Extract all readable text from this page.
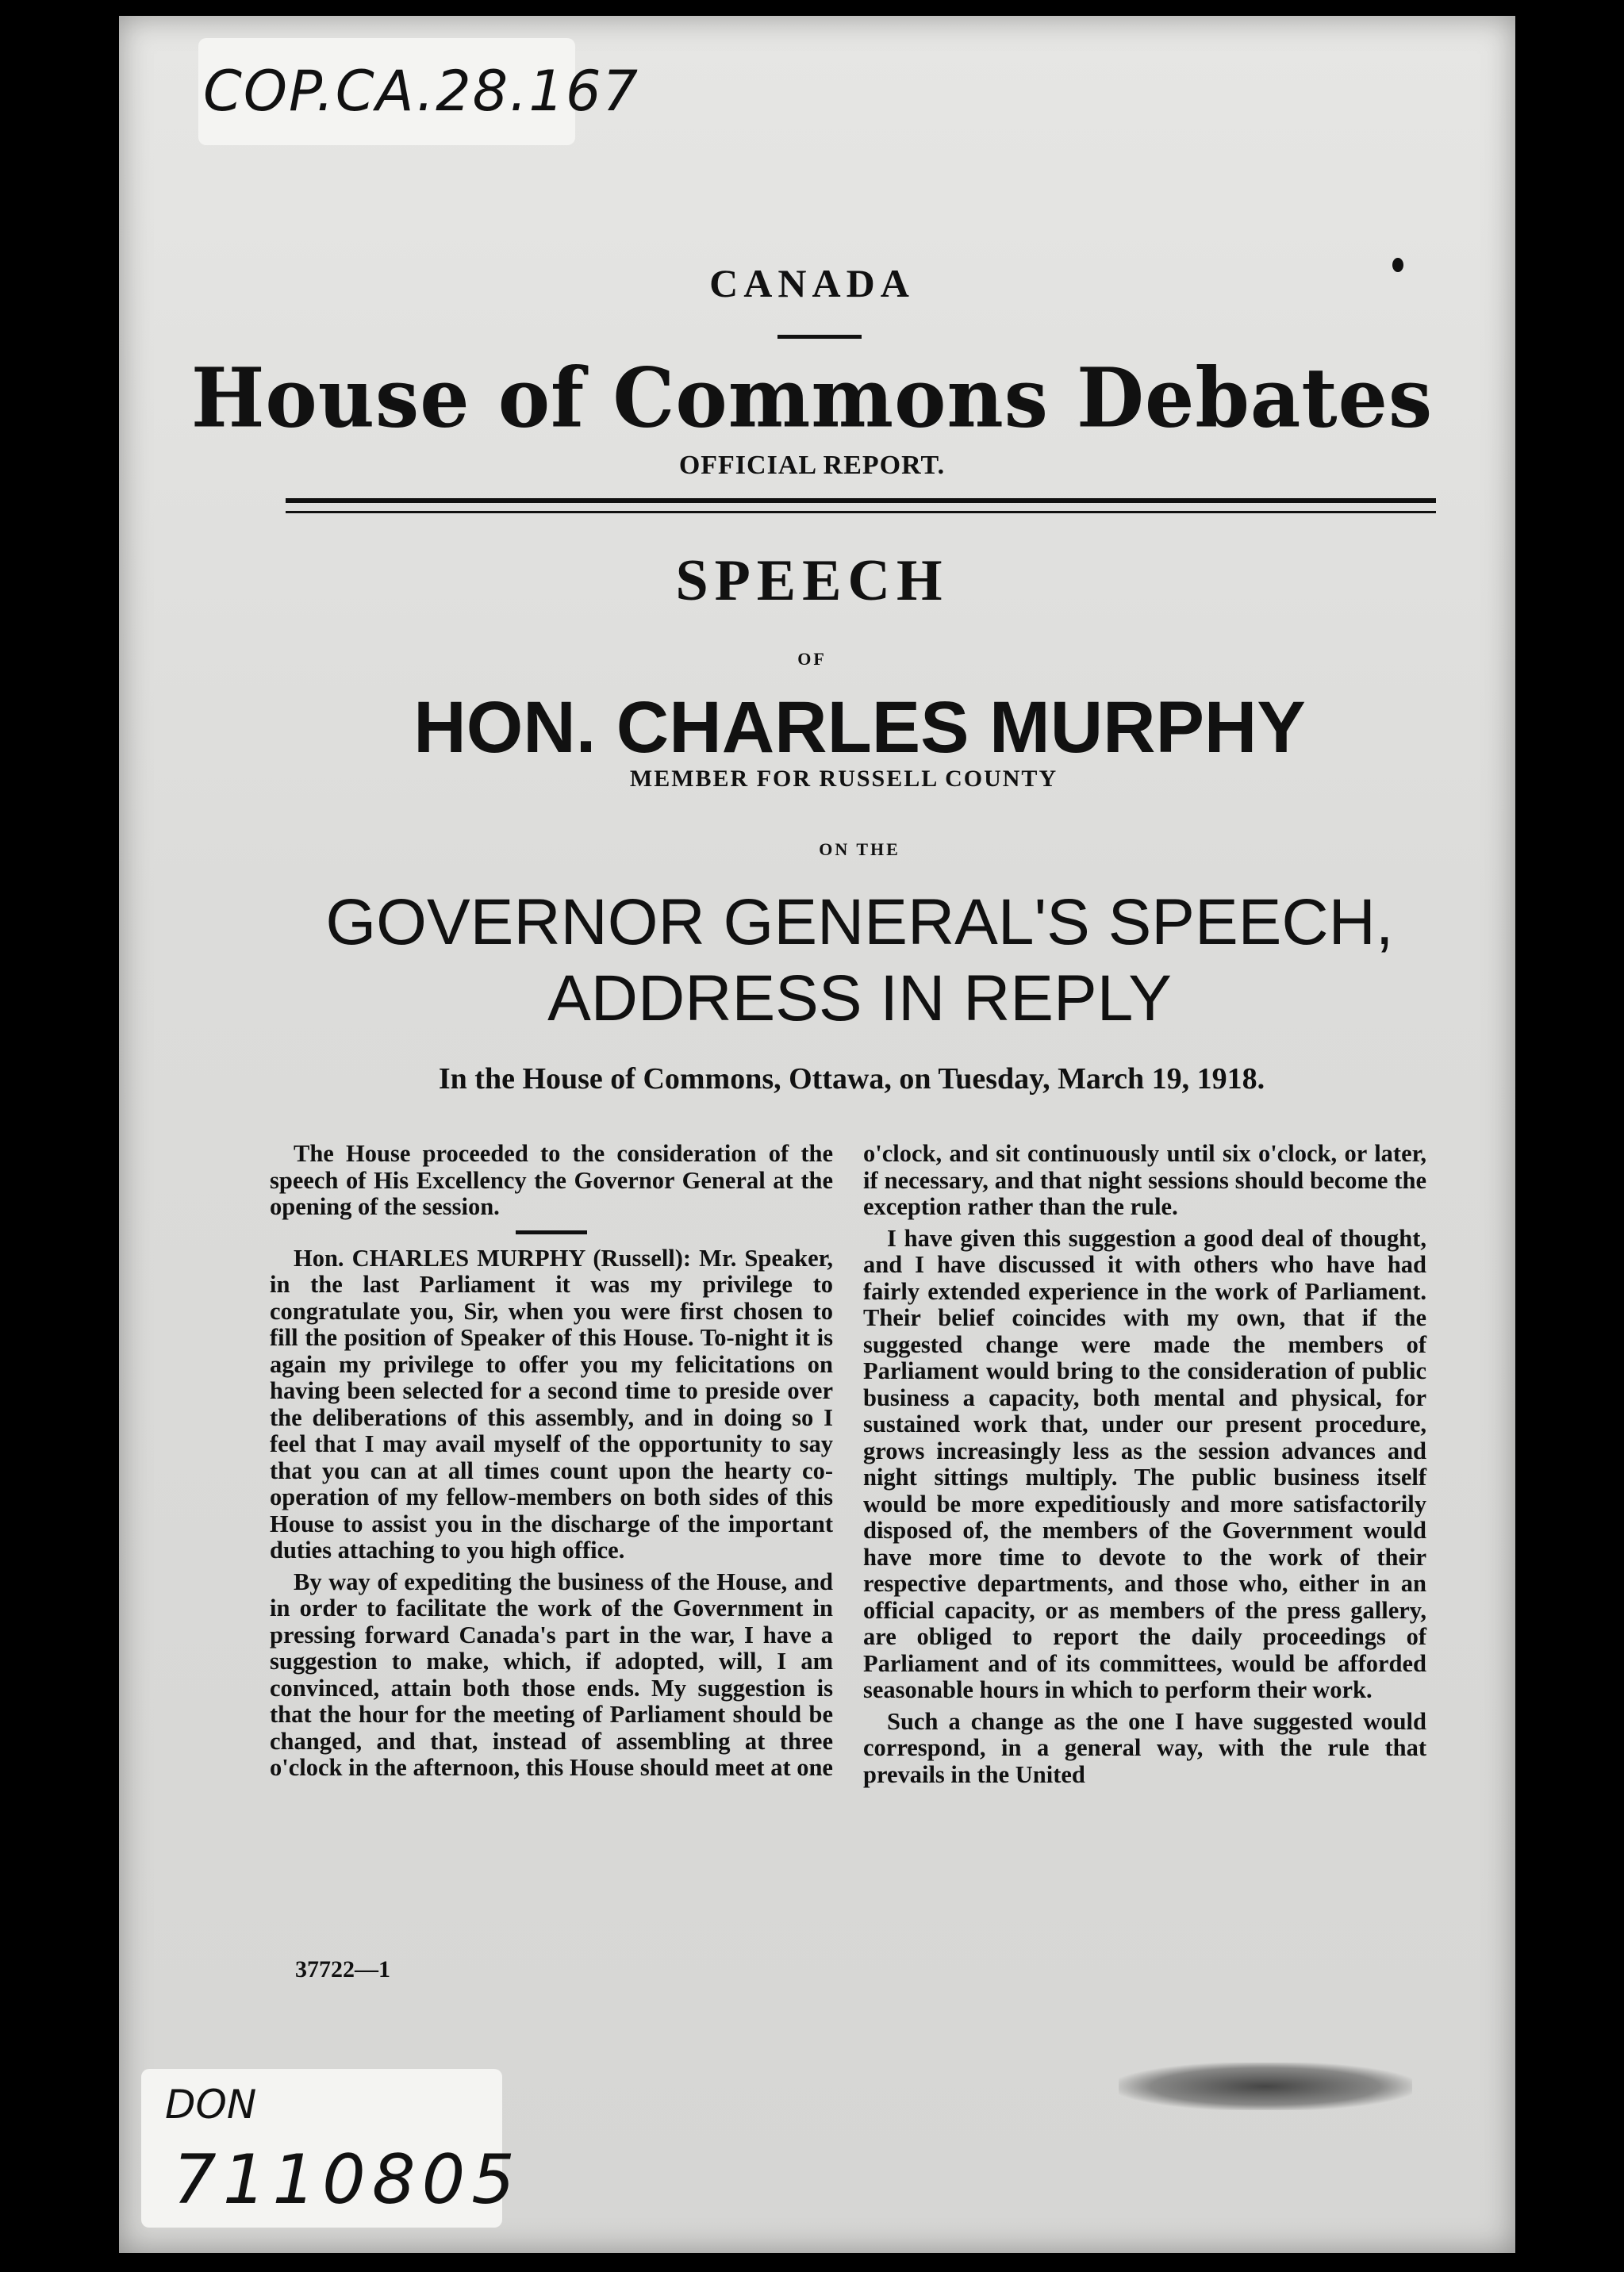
COP.CA.28.167
CANADA
House of Commons Debates
OFFICIAL REPORT.
SPEECH
OF
HON. CHARLES MURPHY
MEMBER FOR RUSSELL COUNTY
ON THE
GOVERNOR GENERAL'S SPEECH,
ADDRESS IN REPLY
In the House of Commons, Ottawa, on Tuesday, March 19, 1918.

The House proceeded to the consideration of the speech of His Excellency the Governor General at the opening of the session.

Hon. CHARLES MURPHY (Russell): Mr. Speaker, in the last Parliament it was my privilege to congratulate you, Sir, when you were first chosen to fill the position of Speaker of this House. To-night it is again my privilege to offer you my felicitations on having been selected for a second time to preside over the deliberations of this assembly, and in doing so I feel that I may avail myself of the opportunity to say that you can at all times count upon the hearty co-operation of my fellow-members on both sides of this House to assist you in the discharge of the important duties attaching to you high office.

By way of expediting the business of the House, and in order to facilitate the work of the Government in pressing forward Canada's part in the war, I have a suggestion to make, which, if adopted, will, I am convinced, attain both those ends. My suggestion is that the hour for the meeting of Parliament should be changed, and that, instead of assembling at three o'clock in the afternoon, this House should meet at one

o'clock, and sit continuously until six o'clock, or later, if necessary, and that night sessions should become the exception rather than the rule.

I have given this suggestion a good deal of thought, and I have discussed it with others who have had fairly extended experience in the work of Parliament. Their belief coincides with my own, that if the suggested change were made the members of Parliament would bring to the consideration of public business a capacity, both mental and physical, for sustained work that, under our present procedure, grows increasingly less as the session advances and night sittings multiply. The public business itself would be more expeditiously and more satisfactorily disposed of, the members of the Government would have more time to devote to the work of their respective departments, and those who, either in an official capacity, or as members of the press gallery, are obliged to report the daily proceedings of Parliament and of its committees, would be afforded seasonable hours in which to perform their work.

Such a change as the one I have suggested would correspond, in a general way, with the rule that prevails in the United

37722—1
DON
7110805
